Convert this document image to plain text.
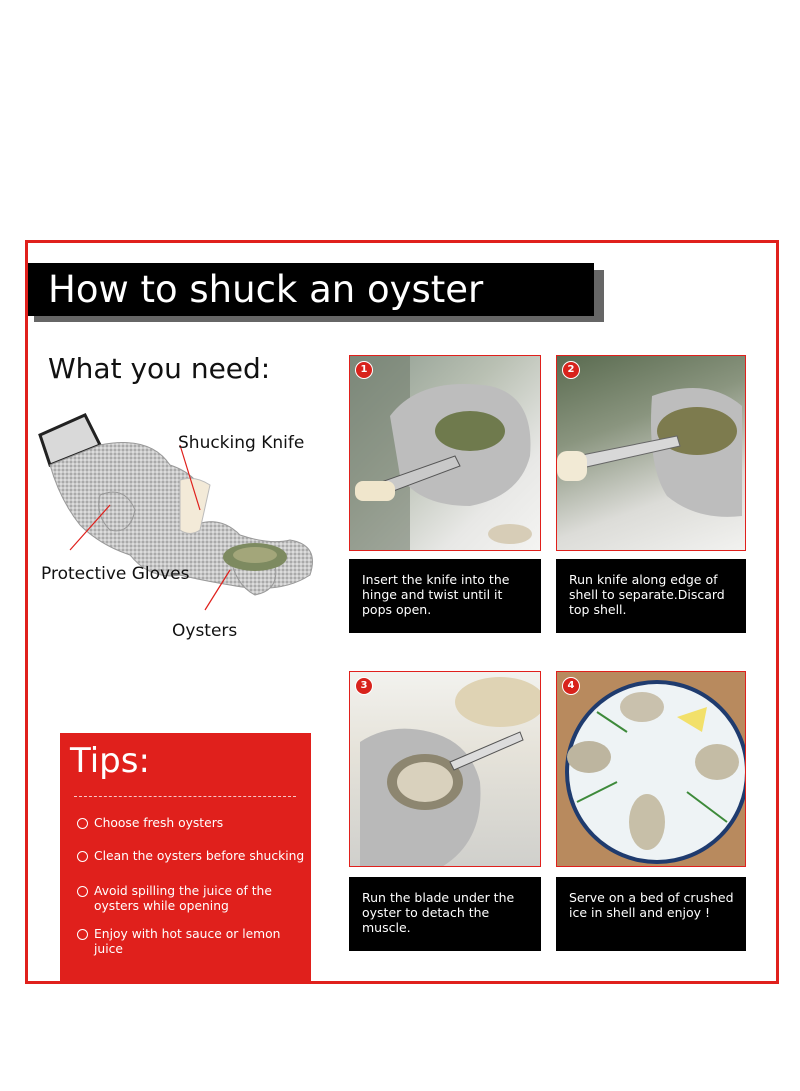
How to shuck an oyster
What you need:
Shucking Knife
Protective Gloves
Oysters
1
Insert the knife into the hinge and twist until it pops open.
2
Run knife along edge of shell to separate.Discard top shell.
3
Run the blade under the oyster to detach the muscle.
4
Serve on a bed of crushed ice in shell and enjoy !
Tips:
Choose fresh oysters
Clean the oysters before shucking
Avoid spilling the juice of the oysters while opening
Enjoy with hot sauce or lemon juice
